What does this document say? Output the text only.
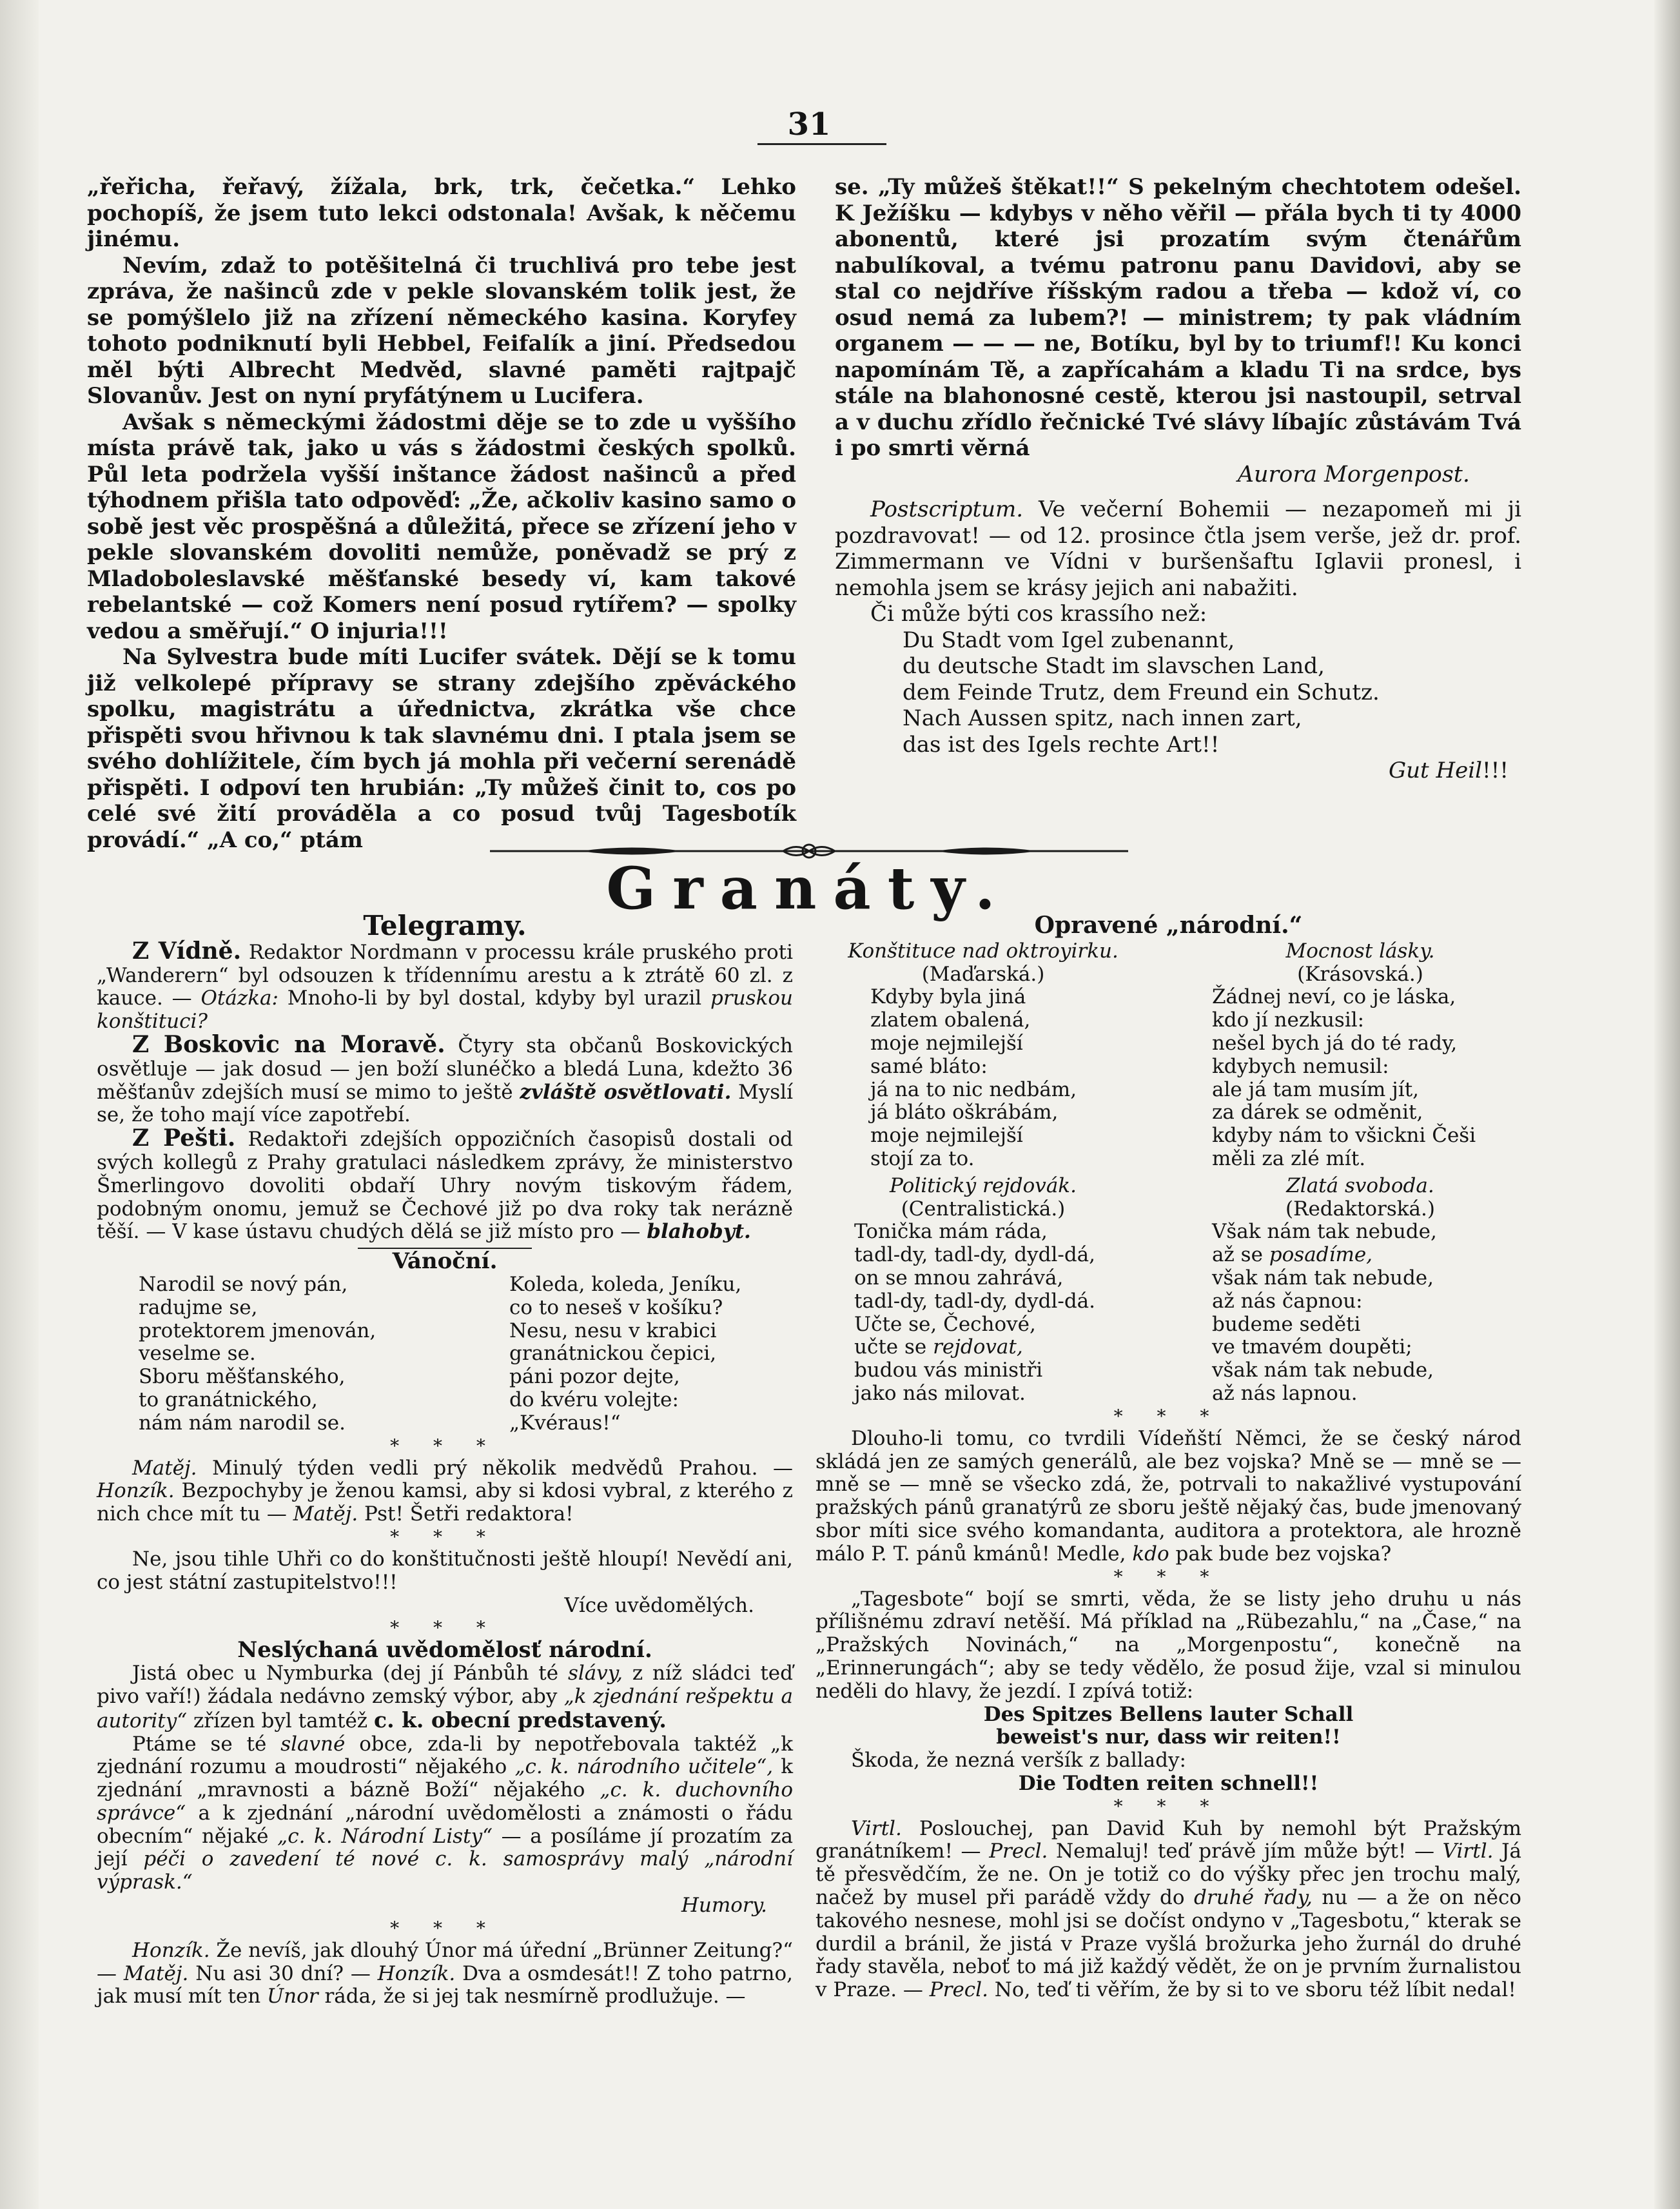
31

„řeřicha, řeřavý, žížala, brk, trk, čečetka.“ Lehko pochopíš, že jsem tuto lekci odstonala! Avšak, k něčemu jinému.

Nevím, zdaž to potěšitelná či truchlivá pro tebe jest zpráva, že našinců zde v pekle slovanském tolik jest, že se pomýšlelo již na zřízení německého kasina. Koryfey tohoto podniknutí byli Hebbel, Feifalík a jiní. Předsedou měl býti Albrecht Medvěd, slavné paměti rajtpajč Slovanův. Jest on nyní pryfátýnem u Lucifera.

Avšak s německými žádostmi děje se to zde u vyššího místa právě tak, jako u vás s žádostmi českých spolků. Půl leta podržela vyšší inštance žádost našinců a před týhodnem přišla tato odpověď: „Že, ačkoliv kasino samo o sobě jest věc prospěšná a důležitá, přece se zřízení jeho v pekle slovanském dovoliti nemůže, poněvadž se prý z Mladoboleslavské měšťanské besedy ví, kam takové rebelantské — což Komers není posud rytířem? — spolky vedou a směřují.“ O injuria!!!

Na Sylvestra bude míti Lucifer svátek. Dějí se k tomu již velkolepé přípravy se strany zdejšího zpěváckého spolku, magistrátu a úřednictva, zkrátka vše chce přispěti svou hřivnou k tak slavnému dni. I ptala jsem se svého dohlížitele, čím bych já mohla při večerní serenádě přispěti. I odpoví ten hrubián: „Ty můžeš činit to, cos po celé své žití prováděla a co posud tvůj Tagesbotík provádí.“ „A co,“ ptám

se. „Ty můžeš štěkat!!“ S pekelným chechtotem odešel. K Ježíšku — kdybys v něho věřil — přála bych ti ty 4000 abonentů, které jsi prozatím svým čtenářům nabulíkoval, a tvému patronu panu Davidovi, aby se stal co nejdříve říšským radou a třeba — kdož ví, co osud nemá za lubem?! — ministrem; ty pak vládním organem — — — ne, Botíku, byl by to triumf!! Ku konci napomínám Tě, a zapříсahám a kladu Ti na srdce, bys stále na blahonosné cestě, kterou jsi nastoupil, setrval a v duchu zřídlo řečnické Tvé slávy líbajíc zůstávám Tvá i po smrti věrná

Aurora Morgenpost.

Postscriptum. Ve večerní Bohemii — nezapomeň mi ji pozdravovat! — od 12. prosince čtla jsem verše, jež dr. prof. Zimmermann ve Vídni v buršenšaftu Iglavii pronesl, i nemohla jsem se krásy jejich ani nabažiti.

Či může býti cos krassího než:

Du Stadt vom Igel zubenannt,
du deutsche Stadt im slavschen Land,
dem Feinde Trutz, dem Freund ein Schutz.
Nach Aussen spitz, nach innen zart,
das ist des Igels rechte Art!!

Gut Heil!!!

Granáty.

Telegramy.

Z Vídně. Redaktor Nordmann v processu krále pruského proti „Wanderern“ byl odsouzen k třídennímu arestu a k ztrátě 60 zl. z kauce. — Otázka: Mnoho-li by byl dostal, kdyby byl urazil pruskou konštituci?

Z Boskovic na Moravě. Čtyry sta občanů Boskovických osvětluje — jak dosud — jen boží slunéčko a bledá Luna, kdežto 36 měšťanův zdejších musí se mimo to ještě zvláště osvětlovati. Myslí se, že toho mají více zapotřebí.

Z Pešti. Redaktoři zdejších oppozičních časopisů dostali od svých kollegů z Prahy gratulaci následkem zprávy, že ministerstvo Šmerlingovo dovoliti obdaří Uhry novým tiskovým řádem, podobným onomu, jemuž se Čechové již po dva roky tak nerázně těší. — V kase ústavu chudých dělá se již místo pro — blahobyt.

Vánoční.

Narodil se nový pán,
radujme se,
protektorem jmenován,
veselme se.
Sboru měšťanského,
to granátnického,
nám nám narodil se.
Koleda, koleda, Jeníku,
co to neseš v košíku?
Nesu, nesu v krabici
granátnickou čepici,
páni pozor dejte,
do kvéru volejte:
„Kvéraus!“

* * *

Matěj. Minulý týden vedli prý několik medvědů Prahou. — Honzík. Bezpochyby je ženou kamsi, aby si kdosi vybral, z kterého z nich chce mít tu — Matěj. Pst! Šetři redaktora!

* * *

Ne, jsou tihle Uhři co do konštitučnosti ještě hloupí! Nevědí ani, co jest státní zastupitelstvo!!!

Více uvědomělých.

* * *

Neslýchaná uvědomělosť národní.

Jistá obec u Nymburka (dej jí Pánbůh té slávy, z níž sládci teď pivo vaří!) žádala nedávno zemský výbor, aby „k zjednání rešpektu a autority“ zřízen byl tamtéž c. k. obecní predstavený.

Ptáme se té slavné obce, zda-li by nepotřebovala taktéž „k zjednání rozumu a moudrosti“ nějakého „c. k. národního učitele“, k zjednání „mravnosti a bázně Boží“ nějakého „c. k. duchovního správce“ a k zjednání „národní uvědomělosti a známosti o řádu obecním“ nějaké „c. k. Národní Listy“ — a posíláme jí prozatím za její péči o zavedení té nové c. k. samosprávy malý „národní výprask.“

Humory.

* * *

Honzík. Že nevíš, jak dlouhý Únor má úřední „Brünner Zeitung?“ — Matěj. Nu asi 30 dní? — Honzík. Dva a osmdesát!! Z toho patrno, jak musí mít ten Únor ráda, že si jej tak nesmírně prodlužuje. —

Opravené „národní.“

Konštituce nad oktroyirku.

(Maďarská.)

Kdyby byla jiná
zlatem obalená,
moje nejmilejší
samé bláto:
já na to nic nedbám,
já bláto oškrábám,
moje nejmilejší
stojí za to.

Mocnost lásky.

(Krásovská.)

Žádnej neví, co je láska,
kdo jí nezkusil:
nešel bych já do té rady,
kdybych nemusil:
ale já tam musím jít,
za dárek se odměnit,
kdyby nám to všickni Češi
měli za zlé mít.

Politický rejdovák.

(Centralistická.)

Tonička mám ráda,
tadl-dy, tadl-dy, dydl-dá,
on se mnou zahrává,
tadl-dy, tadl-dy, dydl-dá.
Učte se, Čechové,
učte se rejdovat,
budou vás ministři
jako nás milovat.

Zlatá svoboda.

(Redaktorská.)

Však nám tak nebude,
až se posadíme,
však nám tak nebude,
až nás čapnou:
budeme seděti
ve tmavém doupěti;
však nám tak nebude,
až nás lapnou.

* * *

Dlouho-li tomu, co tvrdili Vídeňští Němci, že se český národ skládá jen ze samých generálů, ale bez vojska? Mně se — mně se — mně se — mně se všecko zdá, že, potrvali to nakažlivé vystupování pražských pánů granatýrů ze sboru ještě nějaký čas, bude jmenovaný sbor míti sice svého komandanta, auditora a protektora, ale hrozně málo P. T. pánů kmánů! Medle, kdo pak bude bez vojska?

* * *

„Tagesbote“ bojí se smrti, věda, že se listy jeho druhu u nás přílišnému zdraví netěší. Má příklad na „Rübezahlu,“ na „Čase,“ na „Pražských Novinách,“ na „Morgenpostu“, konečně na „Erinnerungách“; aby se tedy vědělo, že posud žije, vzal si minulou neděli do hlavy, že jezdí. I zpívá totiž:

Des Spitzes Bellens lauter Schall
beweist's nur, dass wir reiten!!

Škoda, že nezná veršík z ballady:

Die Todten reiten schnell!!

* * *

Virtl. Poslouchej, pan David Kuh by nemohl být Pražským granátníkem! — Precl. Nemaluj! teď právě jím může být! — Virtl. Já tě přesvědčím, že ne. On je totiž co do výšky přec jen trochu malý, načež by musel při parádě vždy do druhé řady, nu — a že on něco takového nesnese, mohl jsi se dočíst ondyno v „Tagesbotu,“ kterak se durdil a bránil, že jistá v Praze vyšlá brožurka jeho žurnál do druhé řady stavěla, neboť to má již každý vědět, že on je prvním žurnalistou v Praze. — Precl. No, teď ti věřím, že by si to ve sboru též líbit nedal!
